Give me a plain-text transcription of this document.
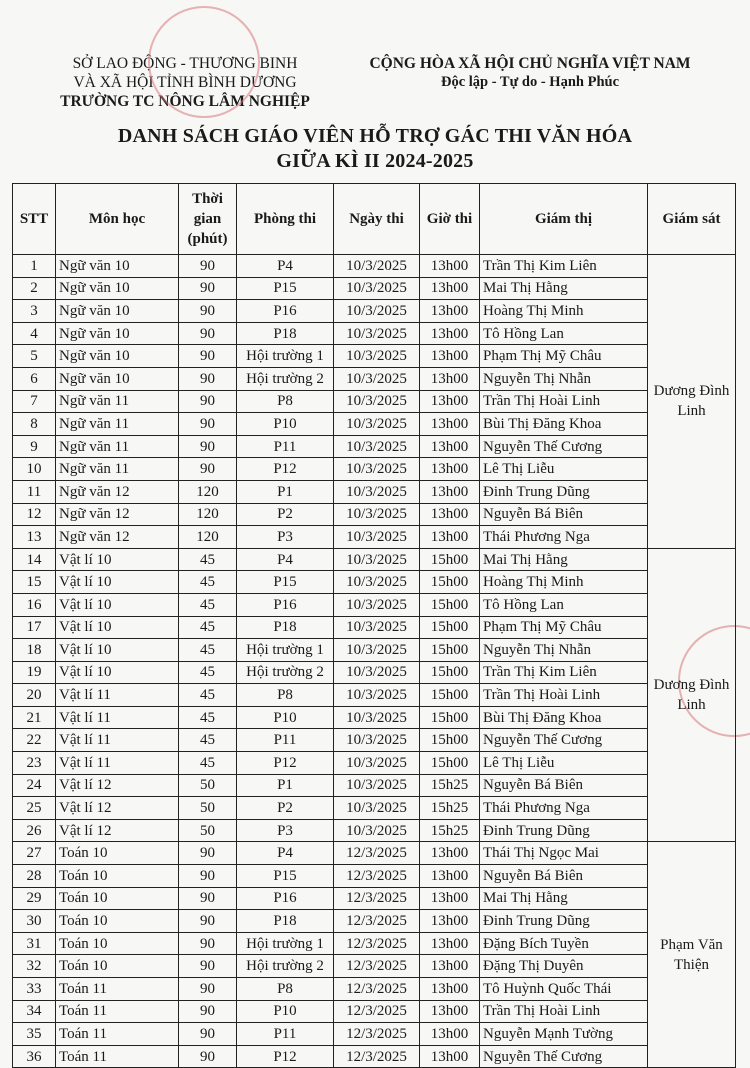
SỞ LAO ĐỘNG - THƯƠNG BINH
VÀ XÃ HỘI TỈNH BÌNH DƯƠNG
TRƯỜNG TC NÔNG LÂM NGHIỆP
CỘNG HÒA XÃ HỘI CHỦ NGHĨA VIỆT NAM
Độc lập - Tự do - Hạnh Phúc
DANH SÁCH GIÁO VIÊN HỖ TRỢ GÁC THI VĂN HÓA
GIỮA KÌ II 2024-2025
STT	Môn học	Thời
gian
(phút)	Phòng thi	Ngày thi	Giờ thi	Giám thị	Giám sát
1	Ngữ văn 10	90	P4	10/3/2025	13h00	Trần Thị Kim Liên	Dương Đình
Linh

2	Ngữ văn 10	90	P15	10/3/2025	13h00	Mai Thị Hằng	
3	Ngữ văn 10	90	P16	10/3/2025	13h00	Hoàng Thị Minh	
4	Ngữ văn 10	90	P18	10/3/2025	13h00	Tô Hồng Lan	
5	Ngữ văn 10	90	Hội trường 1	10/3/2025	13h00	Phạm Thị Mỹ Châu	
6	Ngữ văn 10	90	Hội trường 2	10/3/2025	13h00	Nguyễn Thị Nhẫn	
7	Ngữ văn 11	90	P8	10/3/2025	13h00	Trần Thị Hoài Linh	
8	Ngữ văn 11	90	P10	10/3/2025	13h00	Bùi Thị Đăng Khoa	
9	Ngữ văn 11	90	P11	10/3/2025	13h00	Nguyễn Thế Cương	
10	Ngữ văn 11	90	P12	10/3/2025	13h00	Lê Thị Liễu	
11	Ngữ văn 12	120	P1	10/3/2025	13h00	Đinh Trung Dũng	
12	Ngữ văn 12	120	P2	10/3/2025	13h00	Nguyễn Bá Biên	
13	Ngữ văn 12	120	P3	10/3/2025	13h00	Thái Phương Nga	
14	Vật lí 10	45	P4	10/3/2025	15h00	Mai Thị Hằng	Dương Đình
Linh

15	Vật lí 10	45	P15	10/3/2025	15h00	Hoàng Thị Minh	
16	Vật lí 10	45	P16	10/3/2025	15h00	Tô Hồng Lan	
17	Vật lí 10	45	P18	10/3/2025	15h00	Phạm Thị Mỹ Châu	
18	Vật lí 10	45	Hội trường 1	10/3/2025	15h00	Nguyễn Thị Nhẫn	
19	Vật lí 10	45	Hội trường 2	10/3/2025	15h00	Trần Thị Kim Liên	
20	Vật lí 11	45	P8	10/3/2025	15h00	Trần Thị Hoài Linh	
21	Vật lí 11	45	P10	10/3/2025	15h00	Bùi Thị Đăng Khoa	
22	Vật lí 11	45	P11	10/3/2025	15h00	Nguyễn Thế Cương	
23	Vật lí 11	45	P12	10/3/2025	15h00	Lê Thị Liễu	
24	Vật lí 12	50	P1	10/3/2025	15h25	Nguyễn Bá Biên	
25	Vật lí 12	50	P2	10/3/2025	15h25	Thái Phương Nga	
26	Vật lí 12	50	P3	10/3/2025	15h25	Đinh Trung Dũng	
27	Toán 10	90	P4	12/3/2025	13h00	Thái Thị Ngọc Mai	Phạm Văn
Thiện

28	Toán 10	90	P15	12/3/2025	13h00	Nguyễn Bá Biên	
29	Toán 10	90	P16	12/3/2025	13h00	Mai Thị Hằng	
30	Toán 10	90	P18	12/3/2025	13h00	Đinh Trung Dũng	
31	Toán 10	90	Hội trường 1	12/3/2025	13h00	Đặng Bích Tuyền	
32	Toán 10	90	Hội trường 2	12/3/2025	13h00	Đặng Thị Duyên	
33	Toán 11	90	P8	12/3/2025	13h00	Tô Huỳnh Quốc Thái	
34	Toán 11	90	P10	12/3/2025	13h00	Trần Thị Hoài Linh	
35	Toán 11	90	P11	12/3/2025	13h00	Nguyễn Mạnh Tường	
36	Toán 11	90	P12	12/3/2025	13h00	Nguyễn Thế Cương	
